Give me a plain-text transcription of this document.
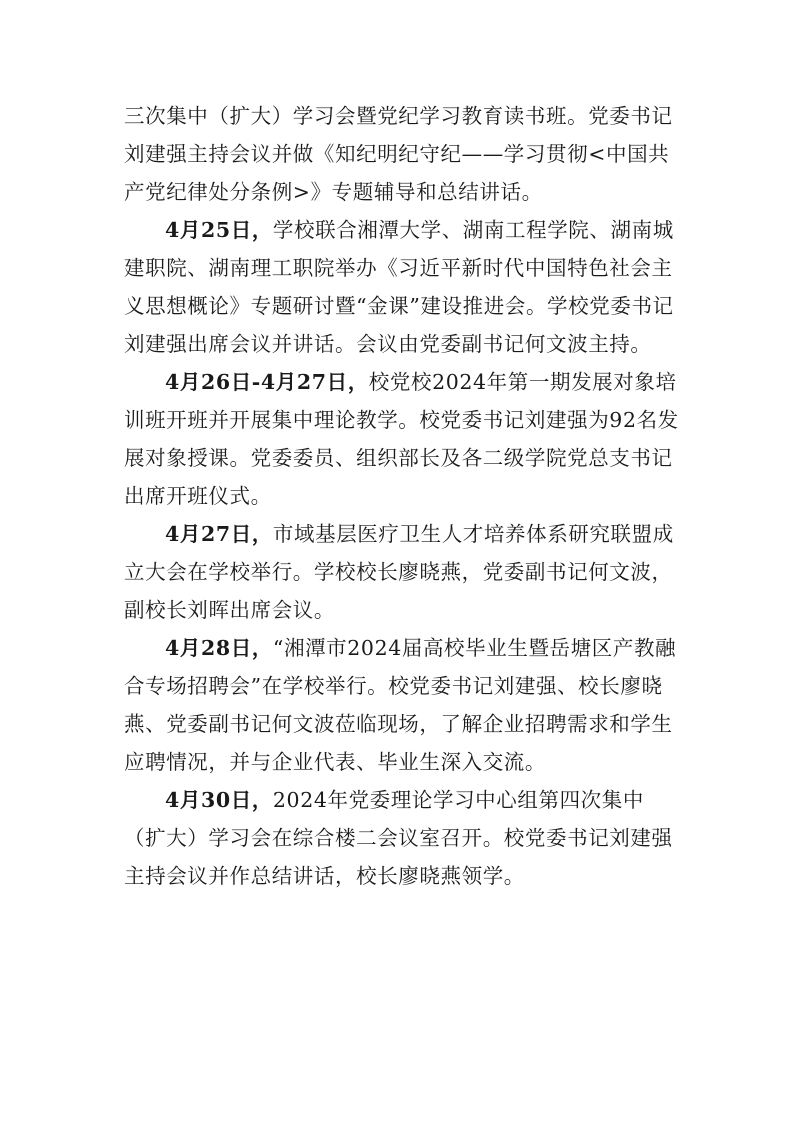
三次集中（扩大）学习会暨党纪学习教育读书班。党委书记刘建强主持会议并做《知纪明纪守纪——学习贯彻<中国共产党纪律处分条例>》专题辅导和总结讲话。

4月25日，学校联合湘潭大学、湖南工程学院、湖南城建职院、湖南理工职院举办《习近平新时代中国特色社会主义思想概论》专题研讨暨“金课”建设推进会。学校党委书记刘建强出席会议并讲话。会议由党委副书记何文波主持。

4月26日-4月27日，校党校2024年第一期发展对象培训班开班并开展集中理论教学。校党委书记刘建强为92名发展对象授课。党委委员、组织部长及各二级学院党总支书记出席开班仪式。

4月27日，市域基层医疗卫生人才培养体系研究联盟成立大会在学校举行。学校校长廖晓燕，党委副书记何文波，副校长刘晖出席会议。

4月28日，“湘潭市2024届高校毕业生暨岳塘区产教融合专场招聘会”在学校举行。校党委书记刘建强、校长廖晓燕、党委副书记何文波莅临现场，了解企业招聘需求和学生应聘情况，并与企业代表、毕业生深入交流。

4月30日，2024年党委理论学习中心组第四次集中（扩大）学习会在综合楼二会议室召开。校党委书记刘建强主持会议并作总结讲话，校长廖晓燕领学。
